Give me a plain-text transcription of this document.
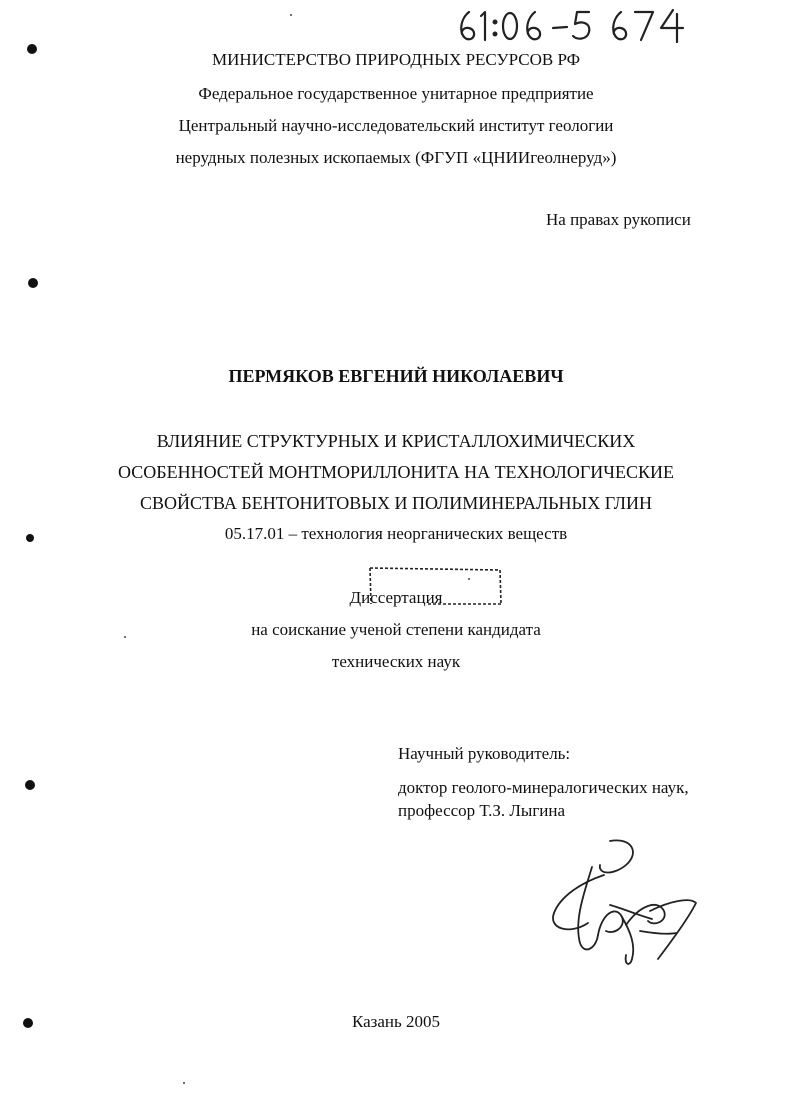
МИНИСТЕРСТВО ПРИРОДНЫХ РЕСУРСОВ РФ
Федеральное государственное унитарное предприятие
Центральный научно-исследовательский институт геологии
нерудных полезных ископаемых (ФГУП «ЦНИИгеолнеруд»)
На правах рукописи
ПЕРМЯКОВ ЕВГЕНИЙ НИКОЛАЕВИЧ
ВЛИЯНИЕ СТРУКТУРНЫХ И КРИСТАЛЛОХИМИЧЕСКИХ
ОСОБЕННОСТЕЙ МОНТМОРИЛЛОНИТА НА ТЕХНОЛОГИЧЕСКИЕ
СВОЙСТВА БЕНТОНИТОВЫХ И ПОЛИМИНЕРАЛЬНЫХ ГЛИН
05.17.01 – технология неорганических веществ
Диссертация
на соискание ученой степени кандидата
технических наук
Научный руководитель:
доктор геолого-минералогических наук,
профессор Т.З. Лыгина
Казань 2005
